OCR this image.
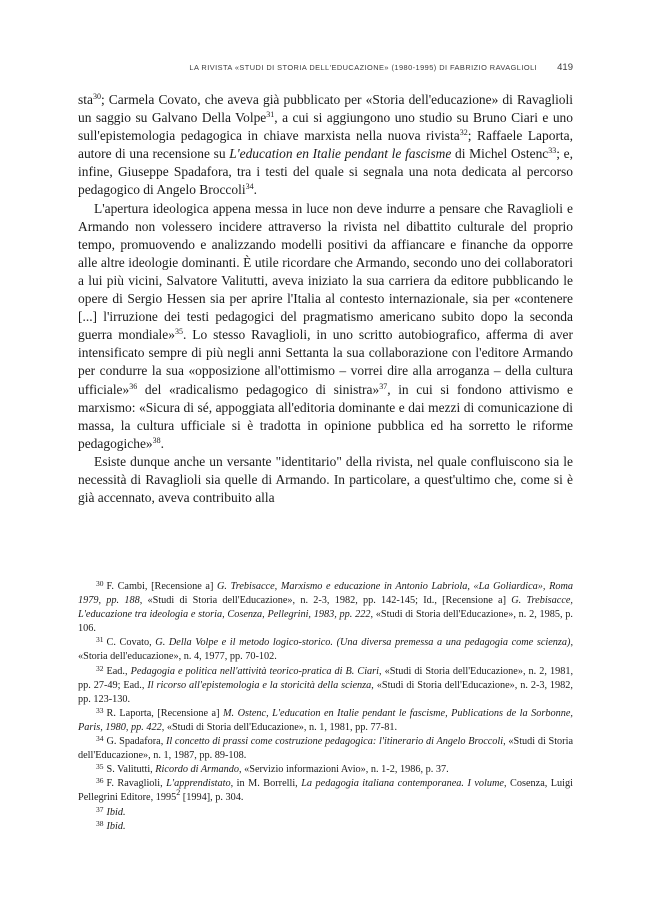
LA RIVISTA «STUDI DI STORIA DELL'EDUCAZIONE» (1980-1995) DI FABRIZIO RAVAGLIOLI 419

sta$^{30}$; Carmela Covato, che aveva già pubblicato per «Storia dell'educazione» di Ravaglioli un saggio su Galvano Della Volpe$^{31}$, a cui si aggiungono uno studio su Bruno Ciari e uno sull'epistemologia pedagogica in chiave marxista nella nuova rivista$^{32}$; Raffaele Laporta, autore di una recensione su L'education en Italie pendant le fascisme di Michel Ostenc$^{33}$; e, infine, Giuseppe Spadafora, tra i testi del quale si segnala una nota dedicata al percorso pedagogico di Angelo Broccoli$^{34}$.

L'apertura ideologica appena messa in luce non deve indurre a pensare che Ravaglioli e Armando non volessero incidere attraverso la rivista nel dibattito culturale del proprio tempo, promuovendo e analizzando modelli positivi da affiancare e finanche da opporre alle altre ideologie dominanti. È utile ricordare che Armando, secondo uno dei collaboratori a lui più vicini, Salvatore Valitutti, aveva iniziato la sua carriera da editore pubblicando le opere di Sergio Hessen sia per aprire l'Italia al contesto internazionale, sia per «contenere [...] l'irruzione dei testi pedagogici del pragmatismo americano subito dopo la seconda guerra mondiale»$^{35}$. Lo stesso Ravaglioli, in uno scritto autobiografico, afferma di aver intensificato sempre di più negli anni Settanta la sua collaborazione con l'editore Armando per condurre la sua «opposizione all'ottimismo – vorrei dire alla arroganza – della cultura ufficiale»$^{36}$ del «radicalismo pedagogico di sinistra»$^{37}$, in cui si fondono attivismo e marxismo: «Sicura di sé, appoggiata all'editoria dominante e dai mezzi di comunicazione di massa, la cultura ufficiale si è tradotta in opinione pubblica ed ha sorretto le riforme pedagogiche»$^{38}$.

Esiste dunque anche un versante "identitario" della rivista, nel quale confluiscono sia le necessità di Ravaglioli sia quelle di Armando. In particolare, a quest'ultimo che, come si è già accennato, aveva contribuito alla

$^{30}$ F. Cambi, [Recensione a] G. Trebisacce, Marxismo e educazione in Antonio Labriola, «La Goliardica», Roma 1979, pp. 188, «Studi di Storia dell'Educazione», n. 2-3, 1982, pp. 142-145; Id., [Recensione a] G. Trebisacce, L'educazione tra ideologia e storia, Cosenza, Pellegrini, 1983, pp. 222, «Studi di Storia dell'Educazione», n. 2, 1985, p. 106.

$^{31}$ C. Covato, G. Della Volpe e il metodo logico-storico. (Una diversa premessa a una pedagogia come scienza), «Storia dell'educazione», n. 4, 1977, pp. 70-102.

$^{32}$ Ead., Pedagogia e politica nell'attività teorico-pratica di B. Ciari, «Studi di Storia dell'Educazione», n. 2, 1981, pp. 27-49; Ead., Il ricorso all'epistemologia e la storicità della scienza, «Studi di Storia dell'Educazione», n. 2-3, 1982, pp. 123-130.

$^{33}$ R. Laporta, [Recensione a] M. Ostenc, L'education en Italie pendant le fascisme, Publications de la Sorbonne, Paris, 1980, pp. 422, «Studi di Storia dell'Educazione», n. 1, 1981, pp. 77-81.

$^{34}$ G. Spadafora, Il concetto di prassi come costruzione pedagogica: l'itinerario di Angelo Broccoli, «Studi di Storia dell'Educazione», n. 1, 1987, pp. 89-108.

$^{35}$ S. Valitutti, Ricordo di Armando, «Servizio informazioni Avio», n. 1-2, 1986, p. 37.

$^{36}$ F. Ravaglioli, L'apprendistato, in M. Borrelli, La pedagogia italiana contemporanea. I volume, Cosenza, Luigi Pellegrini Editore, 1995$^2$ [1994], p. 304.

$^{37}$ Ibid.

$^{38}$ Ibid.
